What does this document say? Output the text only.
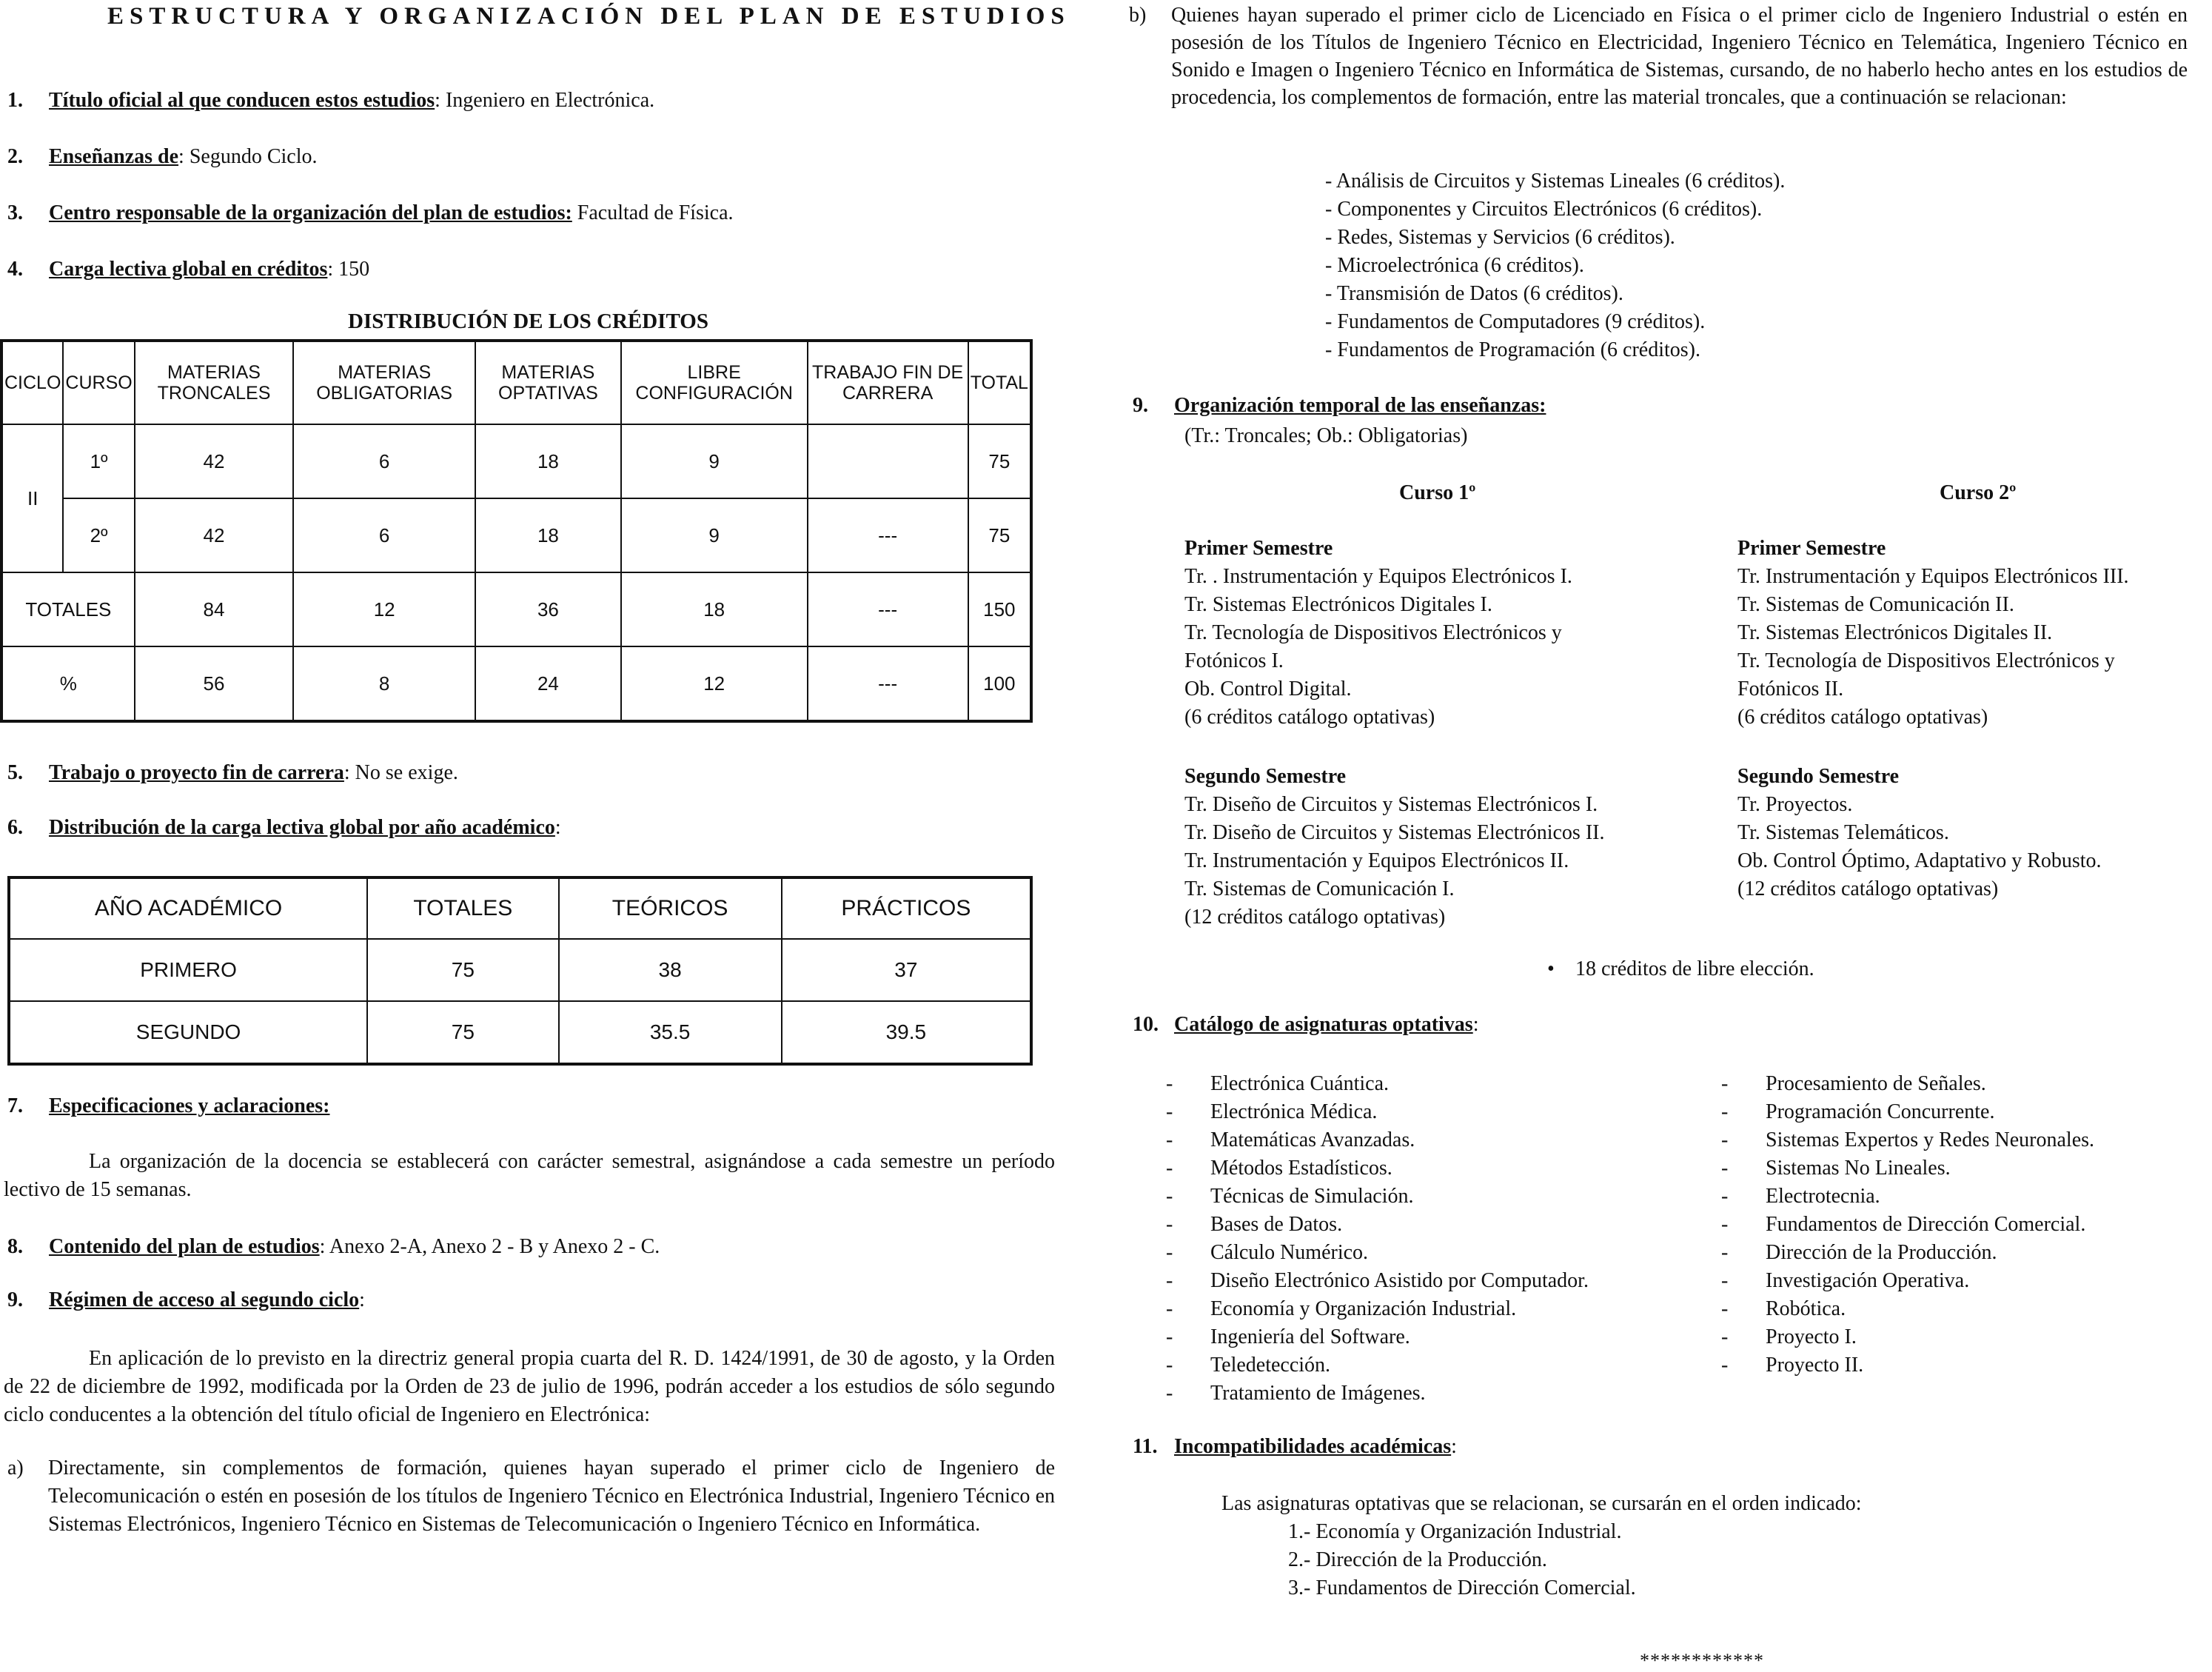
ESTRUCTURA Y ORGANIZACIÓN DEL PLAN DE ESTUDIOS
1. Título oficial al que conducen estos estudios: Ingeniero en Electrónica.
2. Enseñanzas de: Segundo Ciclo.
3. Centro responsable de la organización del plan de estudios: Facultad de Física.
4. Carga lectiva global en créditos: 150
DISTRIBUCIÓN DE LOS CRÉDITOS
CICLO	CURSO	MATERIAS TRONCALES	MATERIAS OBLIGATORIAS	MATERIAS OPTATIVAS	LIBRE CONFIGURACIÓN	TRABAJO FIN DE CARRERA	TOTAL
II	1º	42	6	18	9		75
	2º	42	6	18	9	---	75
TOTALES		84	12	36	18	---	150
%		56	8	24	12	---	100
5. Trabajo o proyecto fin de carrera: No se exige.
6. Distribución de la carga lectiva global por año académico:
AÑO ACADÉMICO	TOTALES	TEÓRICOS	PRÁCTICOS
PRIMERO	75	38	37
SEGUNDO	75	35.5	39.5
7. Especificaciones y aclaraciones:
La organización de la docencia se establecerá con carácter semestral, asignándose a cada semestre un período lectivo de 15 semanas.
8. Contenido del plan de estudios: Anexo 2-A, Anexo 2 - B y Anexo 2 - C.
9. Régimen de acceso al segundo ciclo:
En aplicación de lo previsto en la directriz general propia cuarta del R. D. 1424/1991, de 30 de agosto, y la Orden de 22 de diciembre de 1992, modificada por la Orden de 23 de julio de 1996, podrán acceder a los estudios de sólo segundo ciclo conducentes a la obtención del título oficial de Ingeniero en Electrónica:
a) Directamente, sin complementos de formación, quienes hayan superado el primer ciclo de Ingeniero de Telecomunicación o estén en posesión de los títulos de Ingeniero Técnico en Electrónica Industrial, Ingeniero Técnico en Sistemas Electrónicos, Ingeniero Técnico en Sistemas de Telecomunicación o Ingeniero Técnico en Informática.
b) Quienes hayan superado el primer ciclo de Licenciado en Física o el primer ciclo de Ingeniero Industrial o estén en posesión de los Títulos de Ingeniero Técnico en Electricidad, Ingeniero Técnico en Telemática, Ingeniero Técnico en Sonido e Imagen o Ingeniero Técnico en Informática de Sistemas, cursando, de no haberlo hecho antes en los estudios de procedencia, los complementos de formación, entre las material troncales, que a continuación se relacionan:
- Análisis de Circuitos y Sistemas Lineales (6 créditos).
- Componentes y Circuitos Electrónicos (6 créditos).
- Redes, Sistemas y Servicios (6 créditos).
- Microelectrónica (6 créditos).
- Transmisión de Datos (6 créditos).
- Fundamentos de Computadores (9 créditos).
- Fundamentos de Programación (6 créditos).
9. Organización temporal de las enseñanzas:
(Tr.: Troncales; Ob.: Obligatorias)
Curso 1º	Curso 2º
Primer Semestre
Tr. . Instrumentación y Equipos Electrónicos I.
Tr. Sistemas Electrónicos Digitales I.
Tr. Tecnología de Dispositivos Electrónicos y
Fotónicos I.
Ob. Control Digital.
(6 créditos catálogo optativas)
Primer Semestre
Tr. Instrumentación y Equipos Electrónicos III.
Tr. Sistemas de Comunicación II.
Tr. Sistemas Electrónicos Digitales II.
Tr. Tecnología de Dispositivos Electrónicos y
Fotónicos II.
(6 créditos catálogo optativas)
Segundo Semestre
Tr. Diseño de Circuitos y Sistemas Electrónicos I.
Tr. Diseño de Circuitos y Sistemas Electrónicos II.
Tr. Instrumentación y Equipos Electrónicos II.
Tr. Sistemas de Comunicación I.
(12 créditos catálogo optativas)
Segundo Semestre
Tr. Proyectos.
Tr. Sistemas Telemáticos.
Ob. Control Óptimo, Adaptativo y Robusto.
(12 créditos catálogo optativas)
• 18 créditos de libre elección.
10. Catálogo de asignaturas optativas:
- Electrónica Cuántica.
- Electrónica Médica.
- Matemáticas Avanzadas.
- Métodos Estadísticos.
- Técnicas de Simulación.
- Bases de Datos.
- Cálculo Numérico.
- Diseño Electrónico Asistido por Computador.
- Economía y Organización Industrial.
- Ingeniería del Software.
- Teledetección.
- Tratamiento de Imágenes.
- Procesamiento de Señales.
- Programación Concurrente.
- Sistemas Expertos y Redes Neuronales.
- Sistemas No Lineales.
- Electrotecnia.
- Fundamentos de Dirección Comercial.
- Dirección de la Producción.
- Investigación Operativa.
- Robótica.
- Proyecto I.
- Proyecto II.
11. Incompatibilidades académicas:
Las asignaturas optativas que se relacionan, se cursarán en el orden indicado:
1.- Economía y Organización Industrial.
2.- Dirección de la Producción.
3.- Fundamentos de Dirección Comercial.
************
